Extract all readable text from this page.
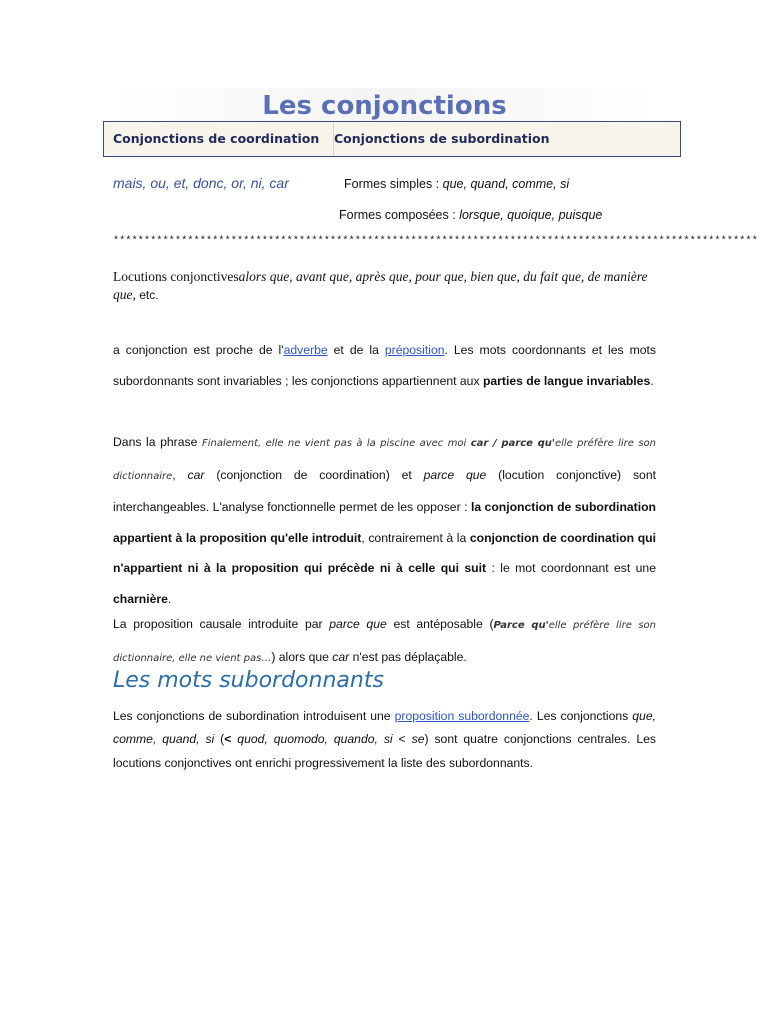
Les conjonctions
Conjonctions de coordination	Conjonctions de subordination
mais, ou, et, donc, or, ni, car	Formes simples : que, quand, comme, si
Formes composées : lorsque, quoique, puisque
********************************************************************************************************
Locutions conjonctivesalors que, avant que, après que, pour que, bien que, du fait que, de manière que, etc.
a conjonction est proche de l'adverbe et de la préposition. Les mots coordonnants et les mots subordonnants sont invariables ; les conjonctions appartiennent aux parties de langue invariables.
Dans la phrase Finalement, elle ne vient pas à la piscine avec moi car / parce qu'elle préfère lire son dictionnaire, car (conjonction de coordination) et parce que (locution conjonctive) sont interchangeables. L'analyse fonctionnelle permet de les opposer : la conjonction de subordination appartient à la proposition qu'elle introduit, contrairement à la conjonction de coordination qui n'appartient ni à la proposition qui précède ni à celle qui suit : le mot coordonnant est une charnière.
La proposition causale introduite par parce que est antéposable (Parce qu'elle préfère lire son dictionnaire, elle ne vient pas…) alors que car n'est pas déplaçable.
Les mots subordonnants
Les conjonctions de subordination introduisent une proposition subordonnée. Les conjonctions que, comme, quand, si (< quod, quomodo, quando, si < se) sont quatre conjonctions centrales. Les locutions conjonctives ont enrichi progressivement la liste des subordonnants.
